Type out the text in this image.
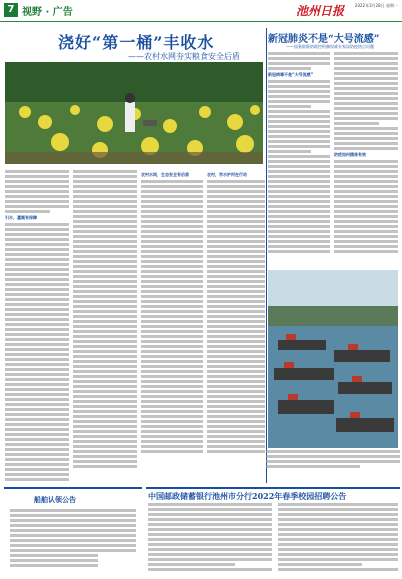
7 视野 · 广告	池州日报	2022年3月28日 星期一
浇好“第一桶”丰收水
——农村水网夯实粮食安全后盾
新冠肺炎不是“大号流感”
——国务院联防联控机制权威专家谈防疫热点问题
新冠病毒不是“大号流感”
防疫如何精准有效
引水，灌溉有保障
农村水网，生态安全有后盾	农村，学水护河在行动
船舶认领公告	中国邮政储蓄银行池州市分行2022年春季校园招聘公告
